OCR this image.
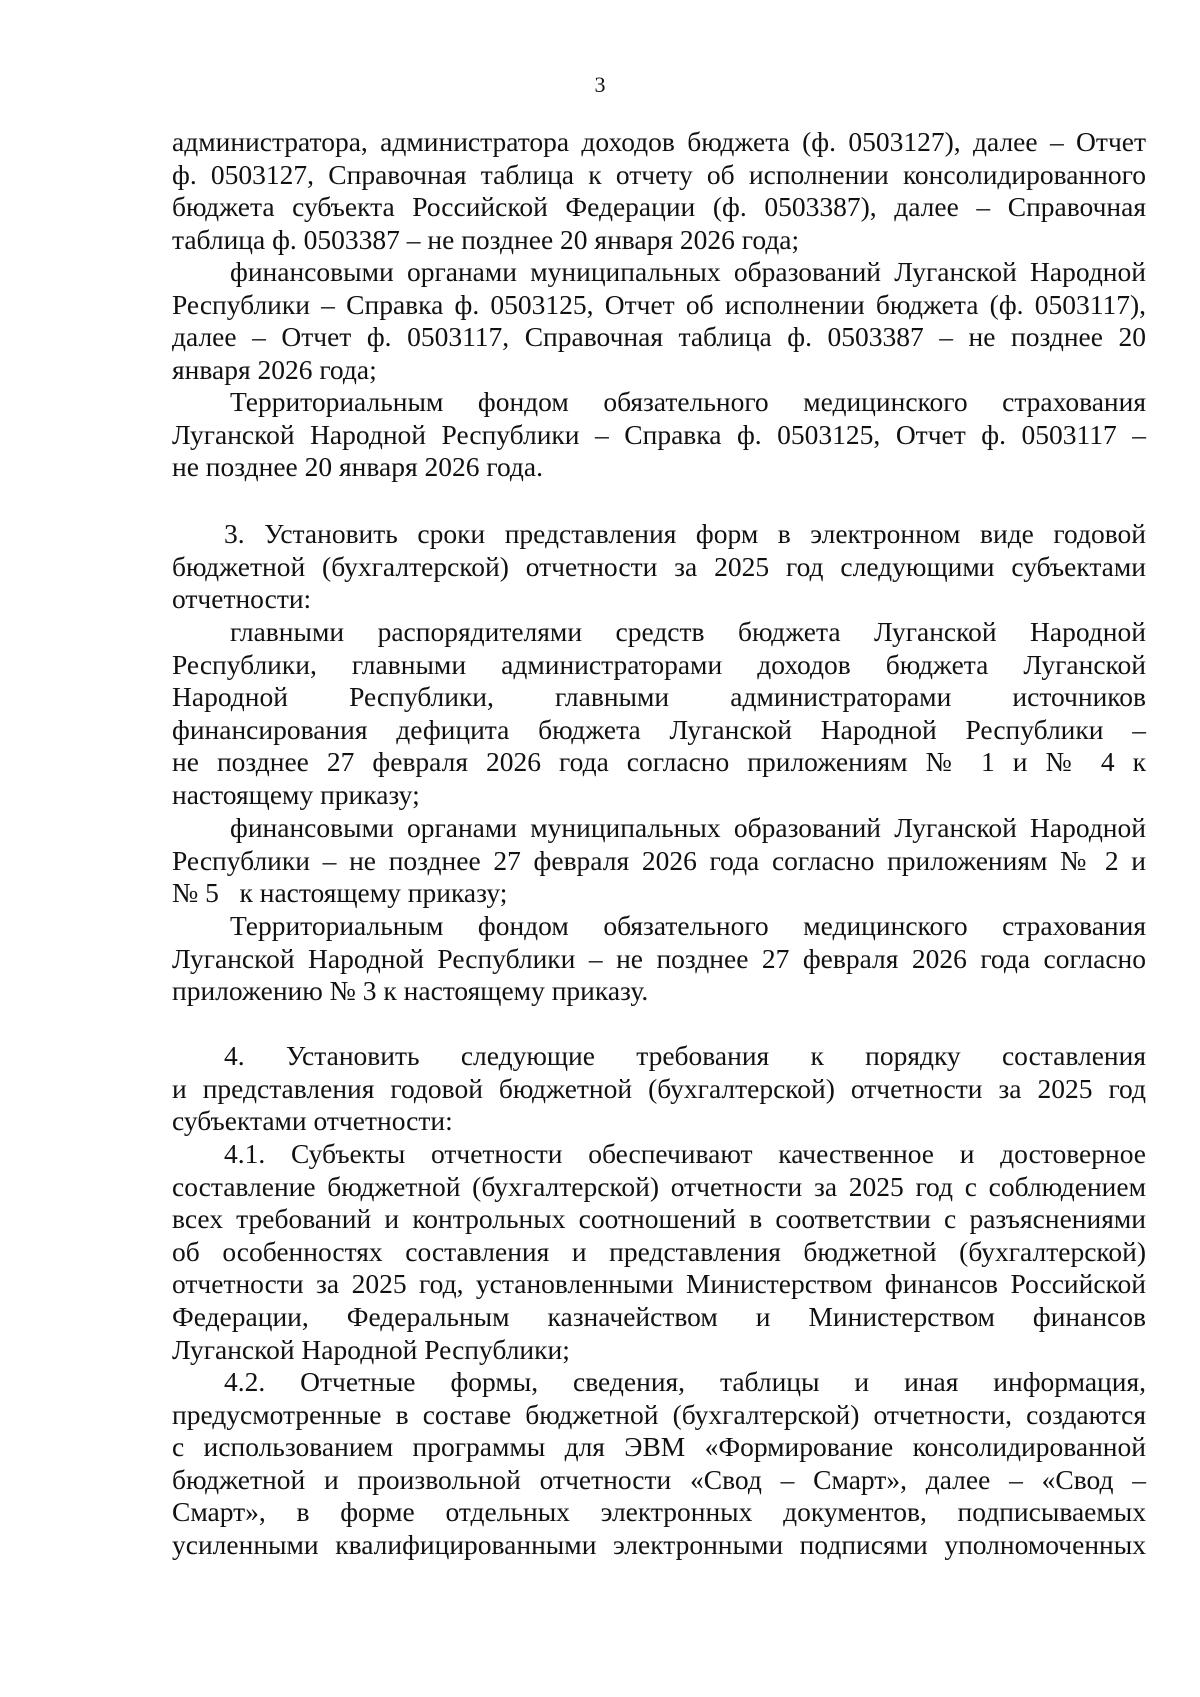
3

администратора, администратора доходов бюджета (ф. 0503127), далее – Отчет

ф. 0503127, Справочная таблица к отчету об исполнении консолидированного

бюджета субъекта Российской Федерации (ф. 0503387), далее – Справочная

таблица ф. 0503387 – не позднее 20 января 2026 года;

финансовыми органами муниципальных образований Луганской Народной

Республики – Справка ф. 0503125, Отчет об исполнении бюджета (ф. 0503117),

далее – Отчет ф. 0503117, Справочная таблица ф. 0503387 – не позднее 20

января 2026 года;

Территориальным фондом обязательного медицинского страхования

Луганской Народной Республики – Справка ф. 0503125, Отчет ф. 0503117 –

не позднее 20 января 2026 года.

3. Установить сроки представления форм в электронном виде годовой

бюджетной (бухгалтерской) отчетности за 2025 год следующими субъектами

отчетности:

главными распорядителями средств бюджета Луганской Народной

Республики, главными администраторами доходов бюджета Луганской

Народной Республики, главными администраторами источников

финансирования дефицита бюджета Луганской Народной Республики –

не позднее 27 февраля 2026 года согласно приложениям № 1 и № 4 к

настоящему приказу;

финансовыми органами муниципальных образований Луганской Народной

Республики – не позднее 27 февраля 2026 года согласно приложениям № 2 и

№ 5   к настоящему приказу;

Территориальным фондом обязательного медицинского страхования

Луганской Народной Республики – не позднее 27 февраля 2026 года согласно

приложению № 3 к настоящему приказу.

4. Установить следующие требования к порядку составления

и представления годовой бюджетной (бухгалтерской) отчетности за 2025 год

субъектами отчетности:

4.1. Субъекты отчетности обеспечивают качественное и достоверное

составление бюджетной (бухгалтерской) отчетности за 2025 год с соблюдением

всех требований и контрольных соотношений в соответствии с разъяснениями

об особенностях составления и представления бюджетной (бухгалтерской)

отчетности за 2025 год, установленными Министерством финансов Российской

Федерации, Федеральным казначейством и Министерством финансов

Луганской Народной Республики;

4.2. Отчетные формы, сведения, таблицы и иная информация,

предусмотренные в составе бюджетной (бухгалтерской) отчетности, создаются

с использованием программы для ЭВМ «Формирование консолидированной

бюджетной и произвольной отчетности «Свод – Смарт», далее – «Свод –

Смарт», в форме отдельных электронных документов, подписываемых

усиленными квалифицированными электронными подписями уполномоченных
